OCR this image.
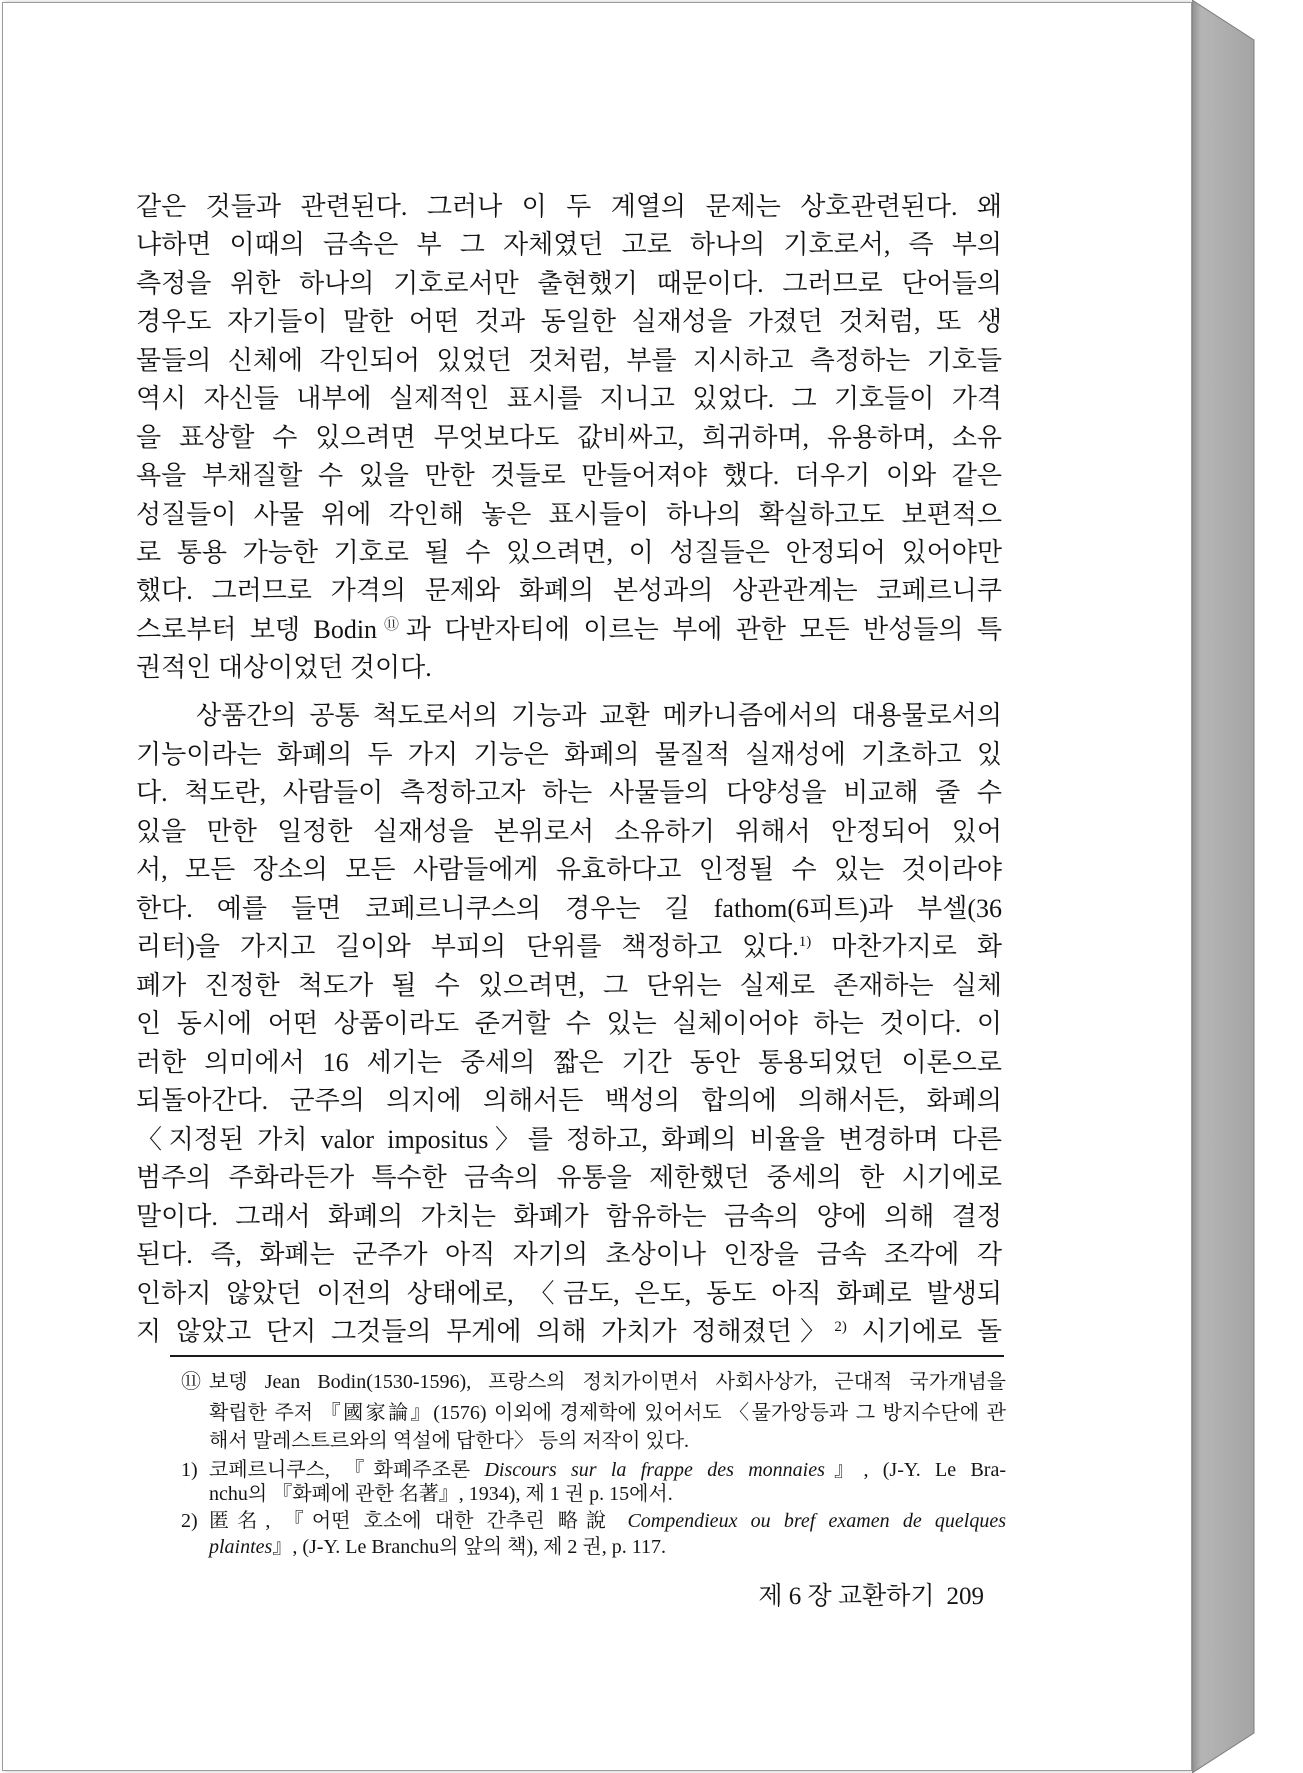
같은 것들과 관련된다. 그러나 이 두 계열의 문제는 상호관련된다. 왜
냐하면 이때의 금속은 부 그 자체였던 고로 하나의 기호로서, 즉 부의
측정을 위한 하나의 기호로서만 출현했기 때문이다. 그러므로 단어들의
경우도 자기들이 말한 어떤 것과 동일한 실재성을 가졌던 것처럼, 또 생
물들의 신체에 각인되어 있었던 것처럼, 부를 지시하고 측정하는 기호들
역시 자신들 내부에 실제적인 표시를 지니고 있었다. 그 기호들이 가격
을 표상할 수 있으려면 무엇보다도 값비싸고, 희귀하며, 유용하며, 소유
욕을 부채질할 수 있을 만한 것들로 만들어져야 했다. 더우기 이와 같은
성질들이 사물 위에 각인해 놓은 표시들이 하나의 확실하고도 보편적으
로 통용 가능한 기호로 될 수 있으려면, 이 성질들은 안정되어 있어야만
했다. 그러므로 가격의 문제와 화폐의 본성과의 상관관계는 코페르니쿠
스로부터 보뎅 Bodin⑪과 다반자티에 이르는 부에 관한 모든 반성들의 특
권적인 대상이었던 것이다.
상품간의 공통 척도로서의 기능과 교환 메카니즘에서의 대용물로서의
기능이라는 화폐의 두 가지 기능은 화폐의 물질적 실재성에 기초하고 있
다. 척도란, 사람들이 측정하고자 하는 사물들의 다양성을 비교해 줄 수
있을 만한 일정한 실재성을 본위로서 소유하기 위해서 안정되어 있어
서, 모든 장소의 모든 사람들에게 유효하다고 인정될 수 있는 것이라야
한다. 예를 들면 코페르니쿠스의 경우는 길 fathom(6피트)과 부셀(36
리터)을 가지고 길이와 부피의 단위를 책정하고 있다.$^{1)}$ 마찬가지로 화
폐가 진정한 척도가 될 수 있으려면, 그 단위는 실제로 존재하는 실체
인 동시에 어떤 상품이라도 준거할 수 있는 실체이어야 하는 것이다. 이
러한 의미에서 16 세기는 중세의 짧은 기간 동안 통용되었던 이론으로
되돌아간다. 군주의 의지에 의해서든 백성의 합의에 의해서든, 화폐의
〈지정된 가치 valor impositus〉를 정하고, 화폐의 비율을 변경하며 다른
범주의 주화라든가 특수한 금속의 유통을 제한했던 중세의 한 시기에로
말이다. 그래서 화폐의 가치는 화폐가 함유하는 금속의 양에 의해 결정
된다. 즉, 화폐는 군주가 아직 자기의 초상이나 인장을 금속 조각에 각
인하지 않았던 이전의 상태에로, 〈금도, 은도, 동도 아직 화폐로 발생되
지 않았고 단지 그것들의 무게에 의해 가치가 정해졌던〉$^{2)}$ 시기에로 돌
⑪ 보뎅 Jean Bodin(1530-1596), 프랑스의 정치가이면서 사회사상가, 근대적 국가개념을
확립한 주저 『國家論』(1576) 이외에 경제학에 있어서도 〈물가앙등과 그 방지수단에 관
해서 말레스트르와의 역설에 답한다〉 등의 저작이 있다.
1) 코페르니쿠스, 『화폐주조론 Discours sur la frappe des monnaies』, (J-Y. Le Bra-
nchu의 『화폐에 관한 名著』, 1934), 제 1 권 p. 15에서.
2) 匿名, 『어떤 호소에 대한 간추린 略說 Compendieux ou bref examen de quelques
plaintes』, (J-Y. Le Branchu의 앞의 책), 제 2 권, p. 117.
제 6 장 교환하기 209
